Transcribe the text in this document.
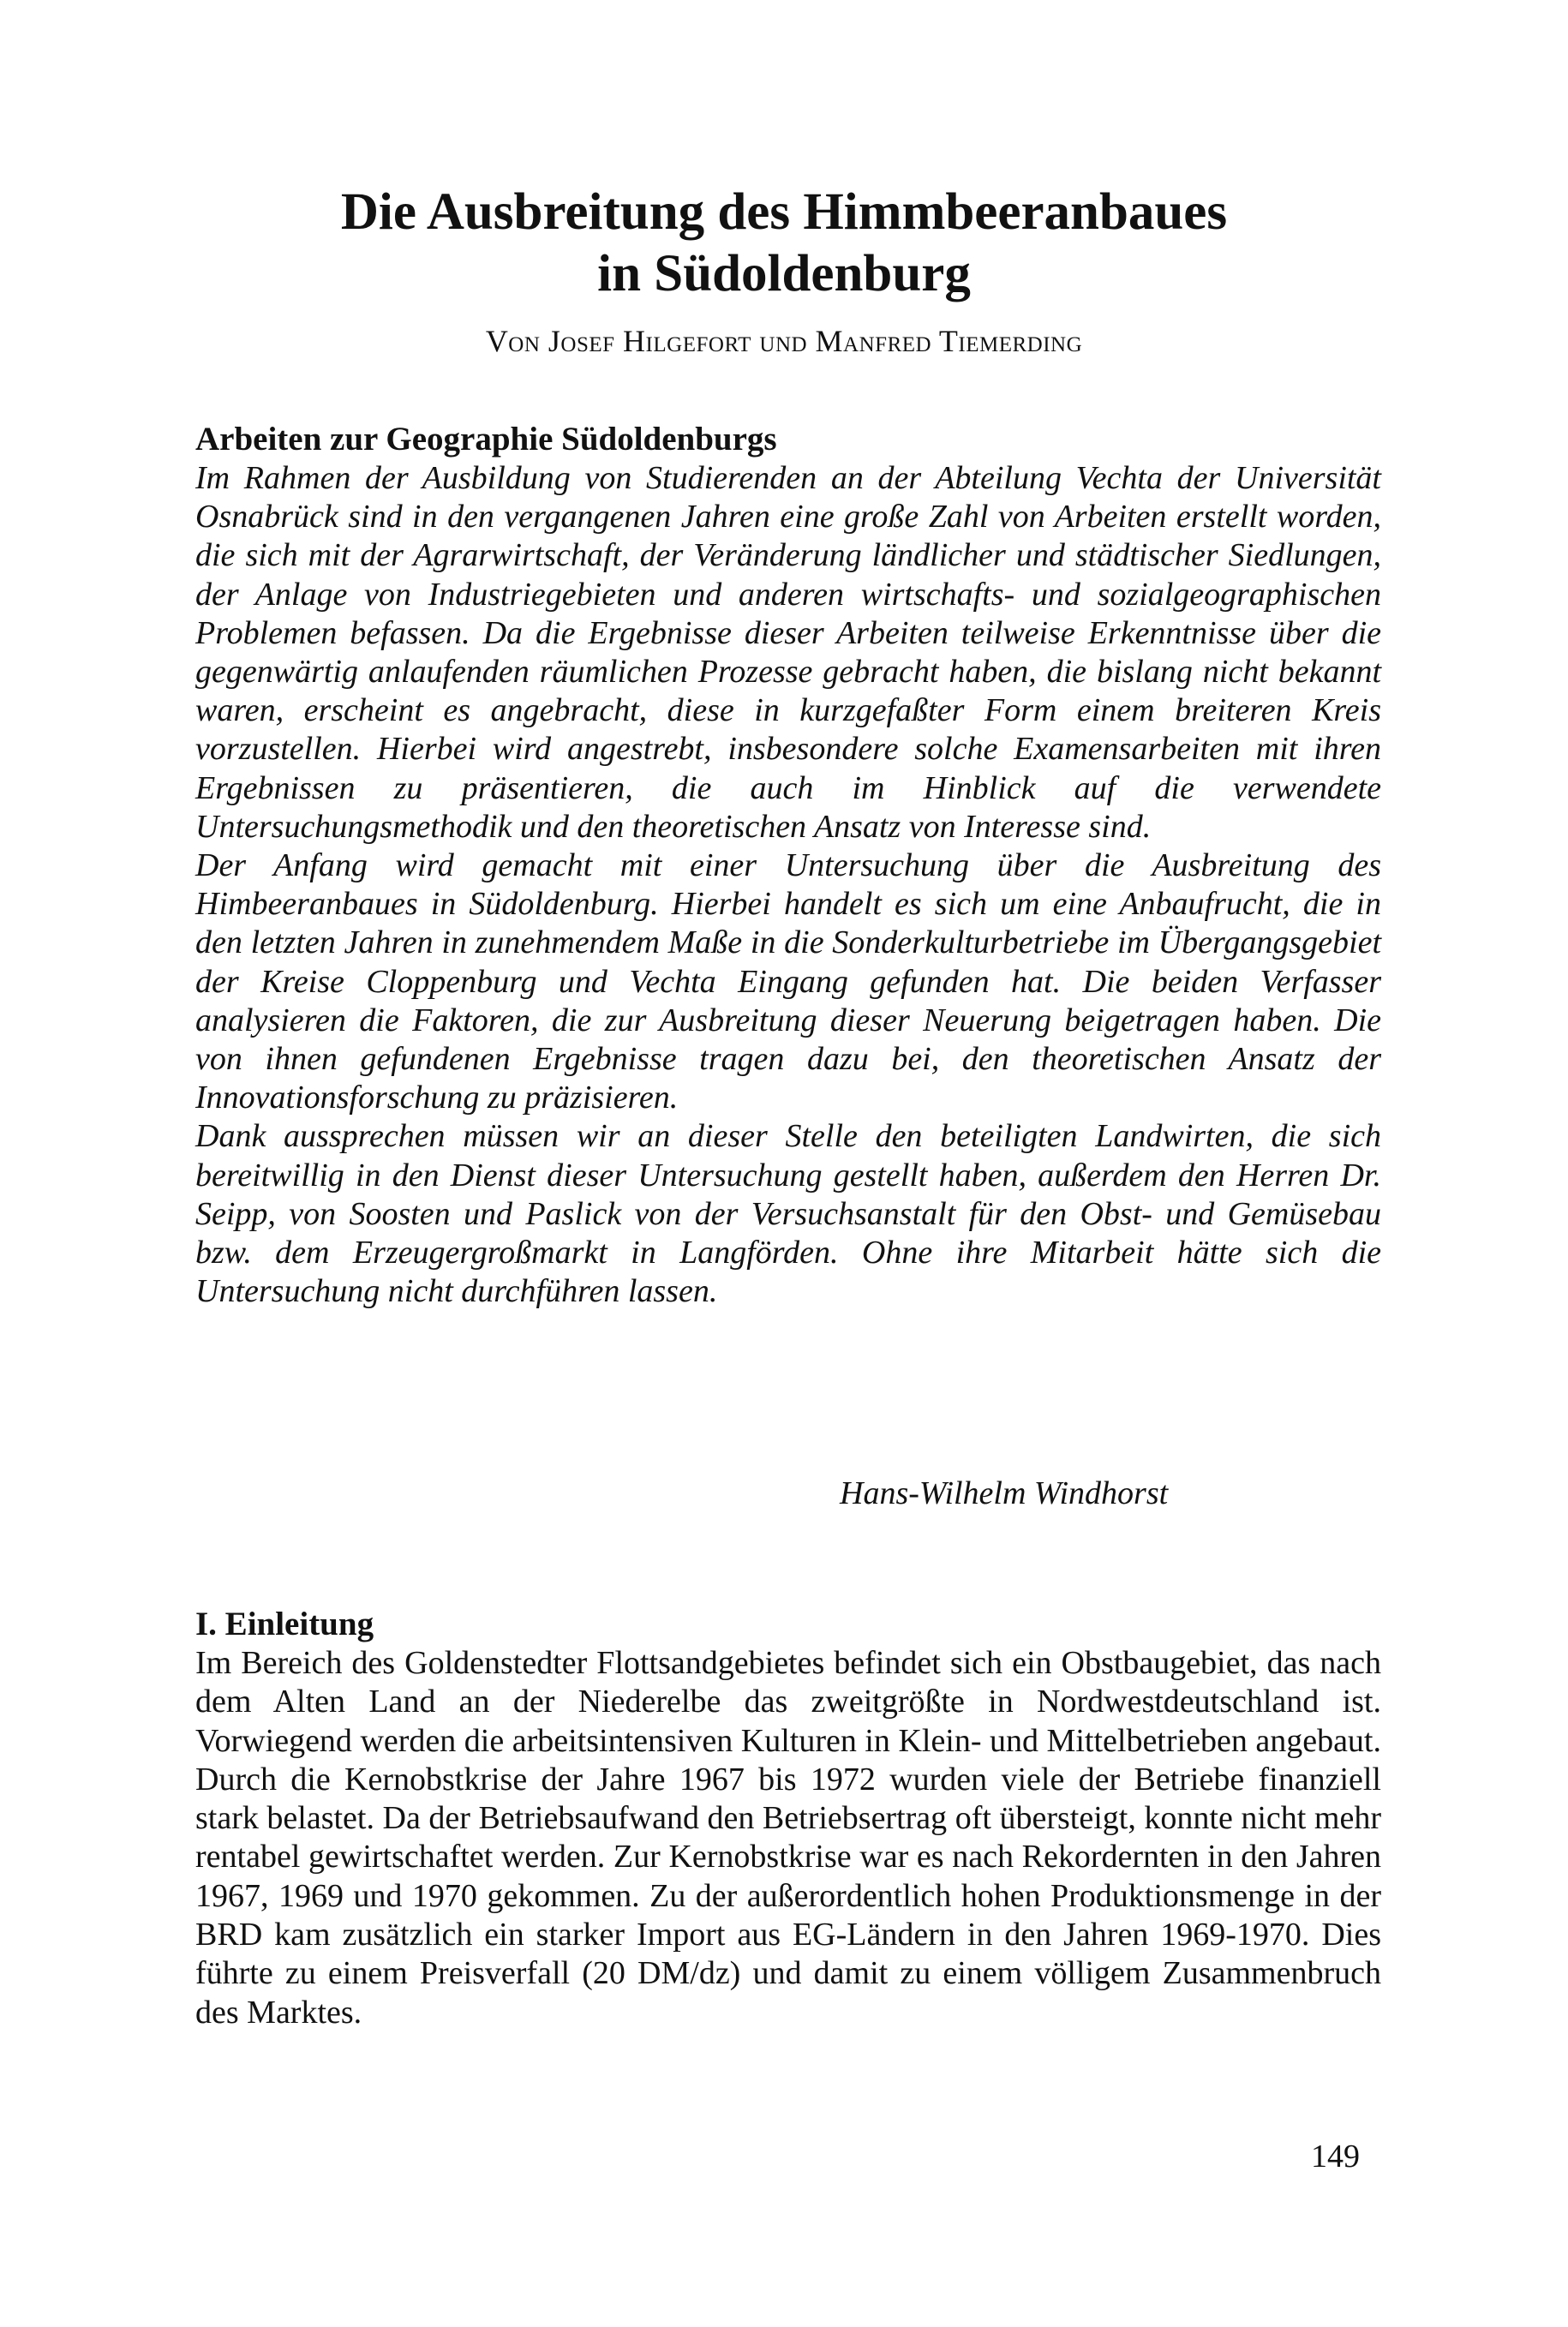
Die Ausbreitung des Himmbeeranbaues
in Südoldenburg
Von Josef Hilgefort und Manfred Tiemerding
Arbeiten zur Geographie Südoldenburgs

Im Rahmen der Ausbildung von Studierenden an der Abteilung Vechta der Universität Osnabrück sind in den vergangenen Jahren eine große Zahl von Arbeiten erstellt worden, die sich mit der Agrarwirtschaft, der Veränderung ländlicher und städtischer Siedlungen, der Anlage von Industriegebieten und anderen wirtschafts- und sozialgeographischen Problemen befassen. Da die Ergebnisse dieser Arbeiten teilweise Erkenntnisse über die gegenwärtig anlaufenden räumlichen Prozesse gebracht haben, die bislang nicht bekannt waren, erscheint es angebracht, diese in kurzgefaßter Form einem breiteren Kreis vorzustellen. Hierbei wird angestrebt, insbesondere solche Examensarbeiten mit ihren Ergebnissen zu präsentieren, die auch im Hinblick auf die verwendete Untersuchungsmethodik und den theoretischen Ansatz von Interesse sind.

Der Anfang wird gemacht mit einer Untersuchung über die Ausbreitung des Himbeeranbaues in Südoldenburg. Hierbei handelt es sich um eine Anbaufrucht, die in den letzten Jahren in zunehmendem Maße in die Sonderkulturbetriebe im Übergangsgebiet der Kreise Cloppenburg und Vechta Eingang gefunden hat. Die beiden Verfasser analysieren die Faktoren, die zur Ausbreitung dieser Neuerung beigetragen haben. Die von ihnen gefundenen Ergebnisse tragen dazu bei, den theoretischen Ansatz der Innovationsforschung zu präzisieren.

Dank aussprechen müssen wir an dieser Stelle den beteiligten Landwirten, die sich bereitwillig in den Dienst dieser Untersuchung gestellt haben, außerdem den Herren Dr. Seipp, von Soosten und Paslick von der Versuchsanstalt für den Obst- und Gemüsebau bzw. dem Erzeugergroßmarkt in Langförden. Ohne ihre Mitarbeit hätte sich die Untersuchung nicht durchführen lassen.

Hans-Wilhelm Windhorst
I. Einleitung

Im Bereich des Goldenstedter Flottsandgebietes befindet sich ein Obstbaugebiet, das nach dem Alten Land an der Niederelbe das zweitgrößte in Nordwestdeutschland ist. Vorwiegend werden die arbeitsintensiven Kulturen in Klein- und Mittelbetrieben angebaut. Durch die Kernobstkrise der Jahre 1967 bis 1972 wurden viele der Betriebe finanziell stark belastet. Da der Betriebsaufwand den Betriebsertrag oft übersteigt, konnte nicht mehr rentabel gewirtschaftet werden. Zur Kernobstkrise war es nach Rekordernten in den Jahren 1967, 1969 und 1970 gekommen. Zu der außerordentlich hohen Produktionsmenge in der BRD kam zusätzlich ein starker Import aus EG-Ländern in den Jahren 1969-1970. Dies führte zu einem Preisverfall (20 DM/dz) und damit zu einem völligem Zusammenbruch des Marktes.

149
